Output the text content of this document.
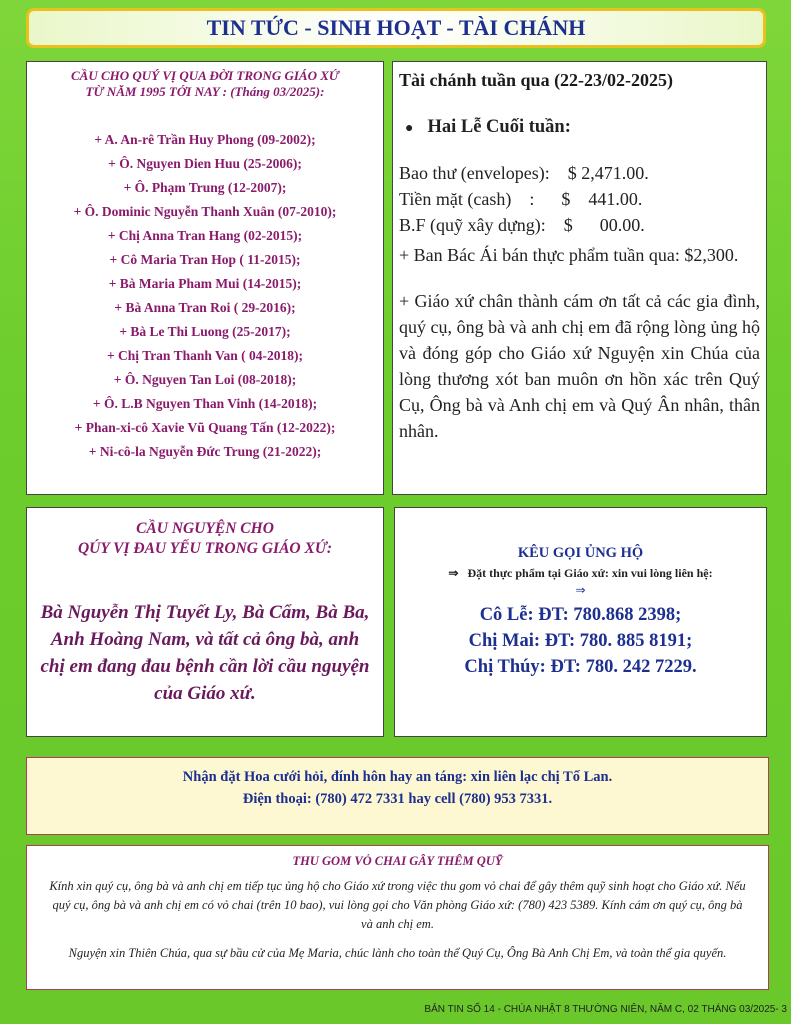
TIN TỨC - SINH HOẠT - TÀI CHÁNH
CẦU CHO QUÝ VỊ QUA ĐỜI TRONG GIÁO XỨ
TỪ NĂM 1995 TỚI NAY : (Tháng 03/2025):
+ A. An-rê Trần Huy Phong (09-2002);
+ Ô. Nguyen Dien Huu (25-2006);
+ Ô. Phạm Trung (12-2007);
+ Ô. Dominic Nguyễn Thanh Xuân (07-2010);
+ Chị Anna Tran Hang (02-2015);
+ Cô Maria Tran Hop ( 11-2015);
+ Bà Maria Pham Mui (14-2015);
+ Bà Anna Tran Roi ( 29-2016);
+ Bà Le Thi Luong (25-2017);
+ Chị Tran Thanh Van ( 04-2018);
+ Ô. Nguyen Tan Loi (08-2018);
+ Ô. L.B Nguyen Than Vinh (14-2018);
+ Phan-xi-cô Xavie Vũ Quang Tấn (12-2022);
+ Ni-cô-la Nguyễn Đức Trung (21-2022);
Tài chánh tuần qua (22-23/02-2025)
● Hai Lễ Cuối tuần:
Bao thư (envelopes):    $ 2,471.00.
Tiền mặt (cash)    :      $    441.00.
B.F (quỹ xây dựng):    $      00.00.

+ Ban Bác Ái bán thực phẩm tuần qua: $2,300.

+ Giáo xứ chân thành cám ơn tất cả các gia đình, quý cụ, ông bà và anh chị em đã rộng lòng ủng hộ và đóng góp cho Giáo xứ Nguyện xin Chúa của lòng thương xót ban muôn ơn hồn xác trên Quý Cụ, Ông bà và Anh chị em và Quý Ân nhân, thân nhân.

CẦU NGUYỆN CHO
QÚY VỊ ĐAU YẾU TRONG GIÁO XỨ:
Bà Nguyễn Thị Tuyết Ly, Bà Cẩm, Bà Ba, Anh Hoàng Nam, và tất cả ông bà, anh chị em đang đau bệnh cần lời cầu nguyện của Giáo xứ.
KÊU GỌI ỦNG HỘ
⇒ Đặt thực phẩm tại Giáo xứ: xin vui lòng liên hệ:
⇒
Cô Lễ: ĐT: 780.868 2398;
Chị Mai: ĐT: 780. 885 8191;
Chị Thúy: ĐT: 780. 242 7229.
Nhận đặt Hoa cưới hỏi, đính hôn hay an táng: xin liên lạc chị Tố Lan.
Điện thoại: (780) 472 7331 hay cell (780) 953 7331.
THU GOM VỎ CHAI GÂY THÊM QUỸ

Kính xin quý cụ, ông bà và anh chị em tiếp tục ủng hộ cho Giáo xứ trong việc thu gom vỏ chai để gây thêm quỹ sinh hoạt cho Giáo xứ. Nếu quý cụ, ông bà và anh chị em có vỏ chai (trên 10 bao), vui lòng gọi cho Văn phòng Giáo xứ: (780) 423 5389. Kính cám ơn quý cụ, ông bà và anh chị em.

Nguyện xin Thiên Chúa, qua sự bầu cử của Mẹ Maria, chúc lành cho toàn thể Quý Cụ, Ông Bà Anh Chị Em, và toàn thể gia quyến.

BẢN TIN SỐ 14 - CHÚA NHẬT 8 THƯỜNG NIÊN, NĂM C, 02 THÁNG 03/2025- 3
